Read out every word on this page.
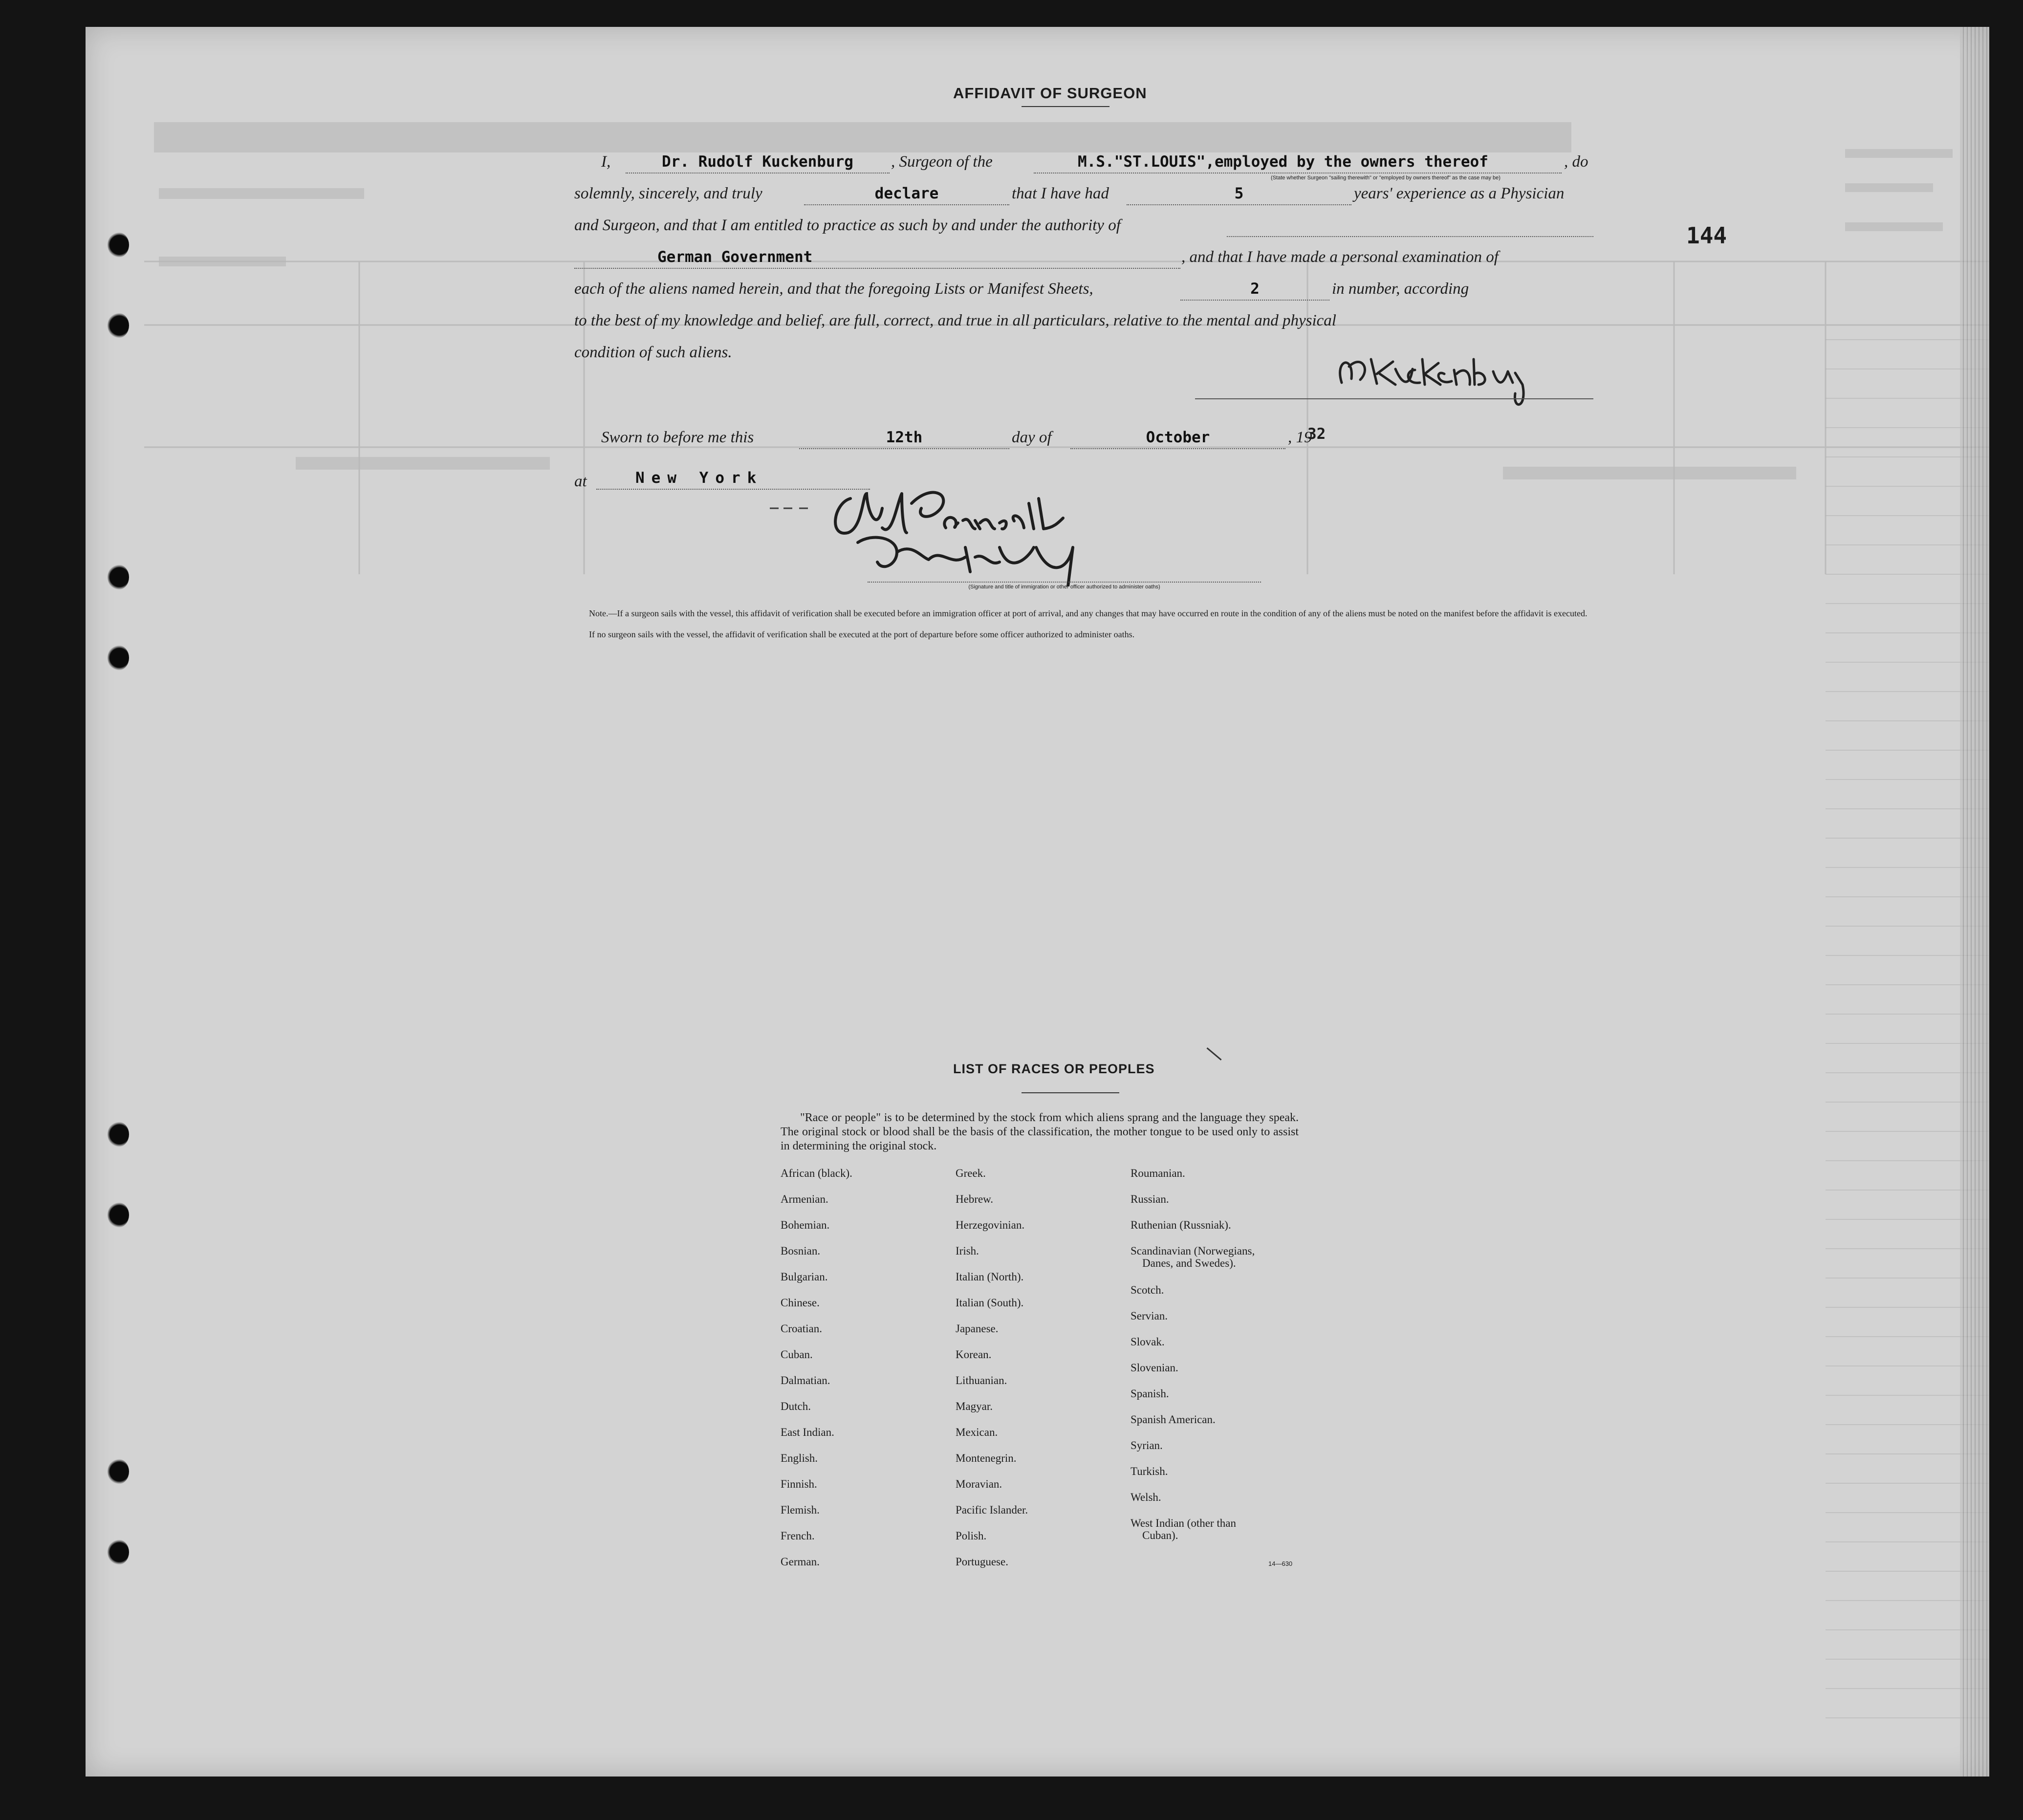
AFFIDAVIT OF SURGEON
I,	Dr. Rudolf Kuckenburg	, Surgeon of the	M.S."ST.LOUIS",employed by the owners thereof	, do
(State whether Surgeon "sailing therewith" or "employed by owners thereof" as the case may be)
solemnly, sincerely, and truly	declare	that I have had	5	years' experience as a Physician
and Surgeon, and that I am entitled to practice as such by and under the authority of
German Government	, and that I have made a personal examination of
each of the aliens named herein, and that the foregoing Lists or Manifest Sheets,	2	in number, according
to the best of my knowledge and belief, are full, correct, and true in all particulars, relative to the mental and physical
condition of such aliens.
Sworn to before me this	12th	day of	October	, 19
32
at	New York
(Signature and title of immigration or other officer authorized to administer oaths)
Note.—If a surgeon sails with the vessel, this affidavit of verification shall be executed before an immigration officer at port of arrival, and any changes that may have occurred en route in the condition of any of the aliens must be noted on the manifest before the affidavit is executed.
If no surgeon sails with the vessel, the affidavit of verification shall be executed at the port of departure before some officer authorized to administer oaths.
144
LIST OF RACES OR PEOPLES
"Race or people" is to be determined by the stock from which aliens sprang and the language they speak. The original stock or blood shall be the basis of the classification, the mother tongue to be used only to assist in determining the original stock.
African (black).
Armenian.
Bohemian.
Bosnian.
Bulgarian.
Chinese.
Croatian.
Cuban.
Dalmatian.
Dutch.
East Indian.
English.
Finnish.
Flemish.
French.
German.
Greek.
Hebrew.
Herzegovinian.
Irish.
Italian (North).
Italian (South).
Japanese.
Korean.
Lithuanian.
Magyar.
Mexican.
Montenegrin.
Moravian.
Pacific Islander.
Polish.
Portuguese.
Roumanian.
Russian.
Ruthenian (Russniak).
Scandinavian (Norwegians,
Danes, and Swedes).
Scotch.
Servian.
Slovak.
Slovenian.
Spanish.
Spanish American.
Syrian.
Turkish.
Welsh.
West Indian (other than
Cuban).
14—630
